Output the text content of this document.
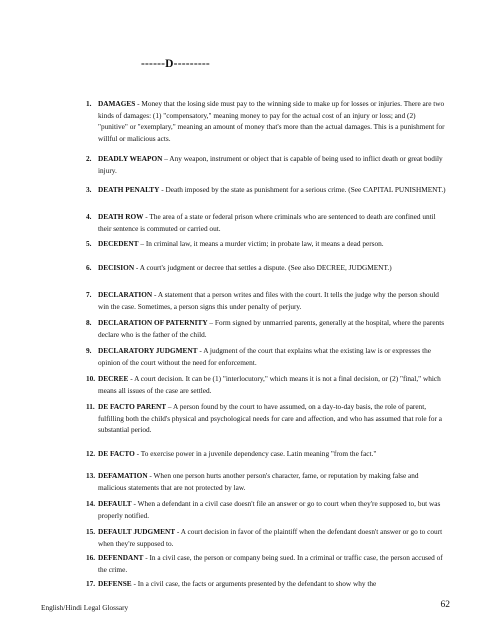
------D---------
1. DAMAGES - Money that the losing side must pay to the winning side to make up for losses or injuries. There are two kinds of damages: (1) "compensatory," meaning money to pay for the actual cost of an injury or loss; and (2) "punitive" or "exemplary," meaning an amount of money that's more than the actual damages. This is a punishment for willful or malicious acts.
2. DEADLY WEAPON – Any weapon, instrument or object that is capable of being used to inflict death or great bodily injury.
3. DEATH PENALTY - Death imposed by the state as punishment for a serious crime. (See CAPITAL PUNISHMENT.)
4. DEATH ROW - The area of a state or federal prison where criminals who are sentenced to death are confined until their sentence is commuted or carried out.
5. DECEDENT – In criminal law, it means a murder victim; in probate law, it means a dead person.
6. DECISION - A court's judgment or decree that settles a dispute. (See also DECREE, JUDGMENT.)
7. DECLARATION - A statement that a person writes and files with the court. It tells the judge why the person should win the case. Sometimes, a person signs this under penalty of perjury.
8. DECLARATION OF PATERNITY – Form signed by unmarried parents, generally at the hospital, where the parents declare who is the father of the child.
9. DECLARATORY JUDGMENT - A judgment of the court that explains what the existing law is or expresses the opinion of the court without the need for enforcement.
10. DECREE - A court decision. It can be (1) "interlocutory," which means it is not a final decision, or (2) "final," which means all issues of the case are settled.
11. DE FACTO PARENT – A person found by the court to have assumed, on a day-to-day basis, the role of parent, fulfilling both the child's physical and psychological needs for care and affection, and who has assumed that role for a substantial period.
12. DE FACTO - To exercise power in a juvenile dependency case. Latin meaning "from the fact."
13. DEFAMATION - When one person hurts another person's character, fame, or reputation by making false and malicious statements that are not protected by law.
14. DEFAULT - When a defendant in a civil case doesn't file an answer or go to court when they're supposed to, but was properly notified.
15. DEFAULT JUDGMENT - A court decision in favor of the plaintiff when the defendant doesn't answer or go to court when they're supposed to.
16. DEFENDANT - In a civil case, the person or company being sued. In a criminal or traffic case, the person accused of the crime.
17. DEFENSE - In a civil case, the facts or arguments presented by the defendant to show why the
English/Hindi Legal Glossary	62
